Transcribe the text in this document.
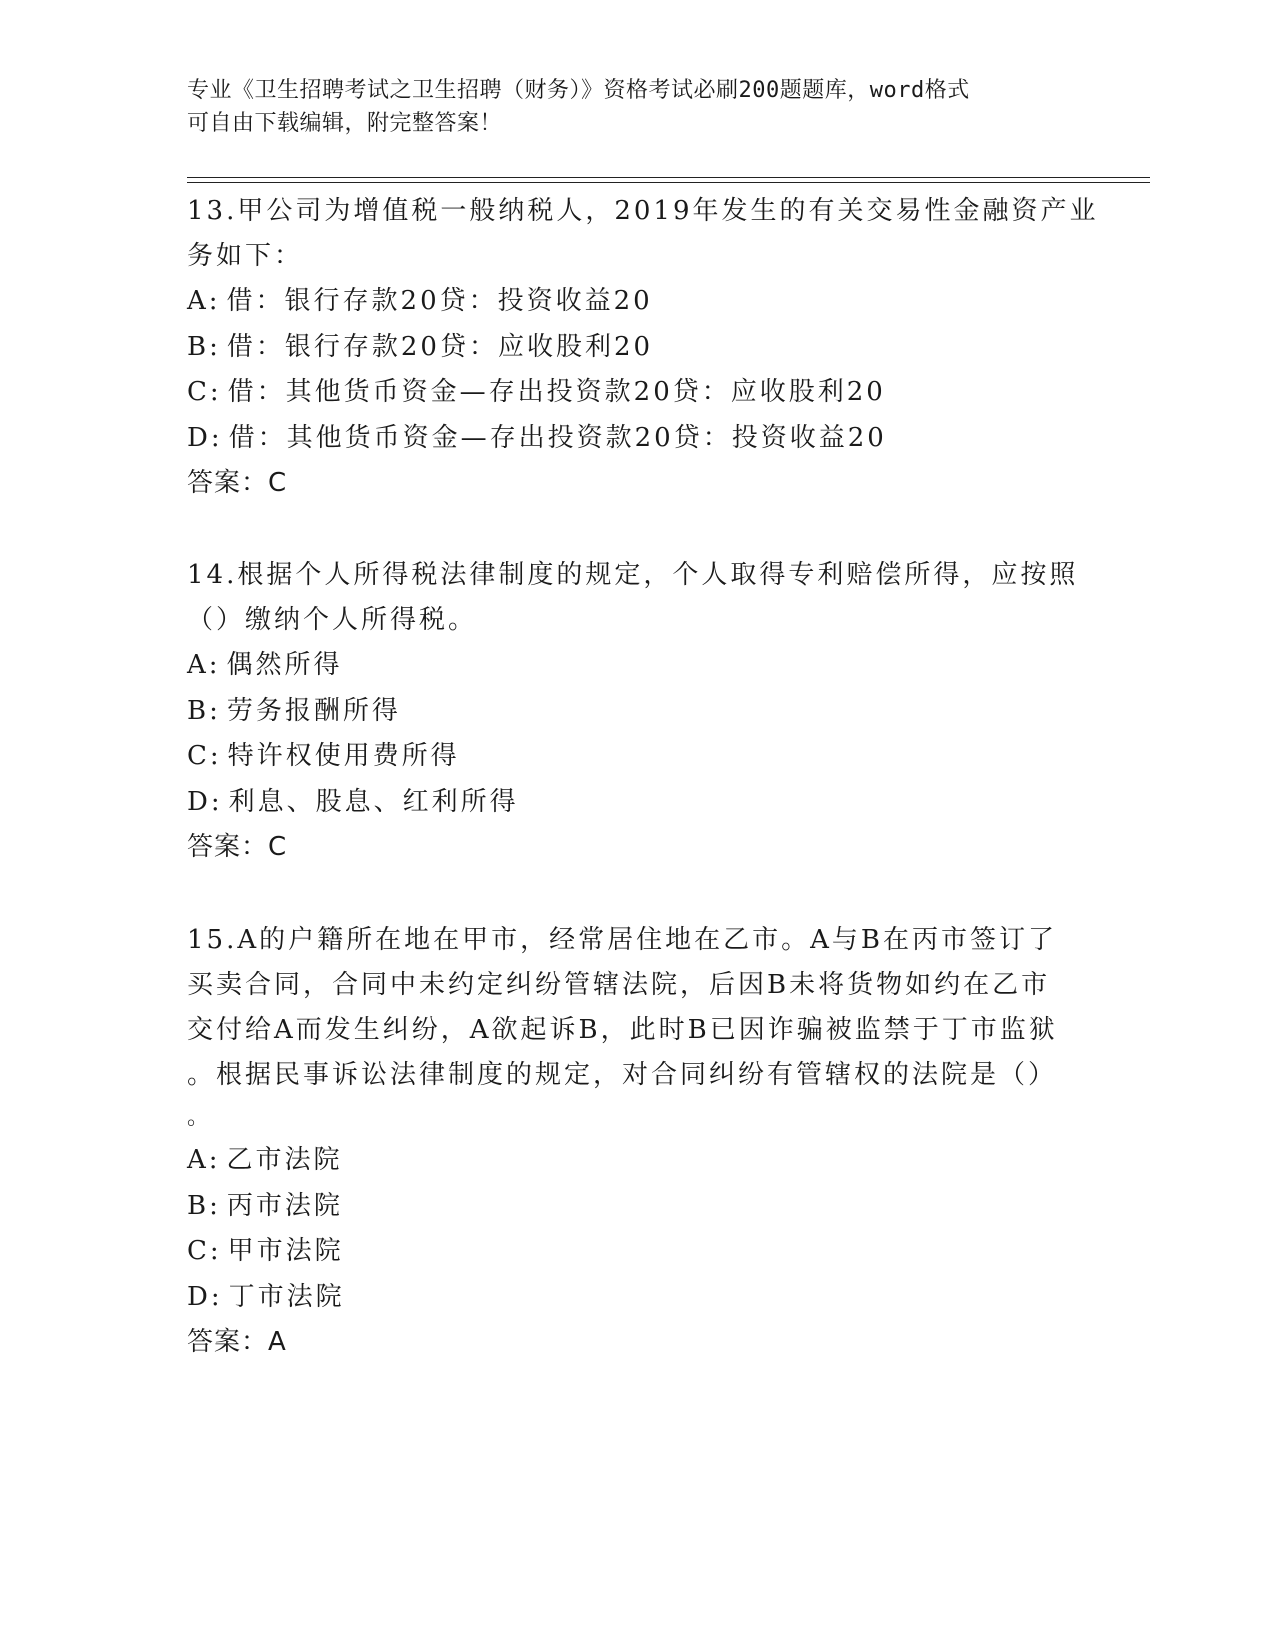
专业《卫生招聘考试之卫生招聘（财务）》资格考试必刷200题题库，word格式
可自由下载编辑，附完整答案！
13.甲公司为增值税一般纳税人，2019年发生的有关交易性金融资产业
务如下：
A: 借：银行存款20贷：投资收益20
B: 借：银行存款20贷：应收股利20
C: 借：其他货币资金—存出投资款20贷：应收股利20
D: 借：其他货币资金—存出投资款20贷：投资收益20
答案：C
14.根据个人所得税法律制度的规定，个人取得专利赔偿所得，应按照
（）缴纳个人所得税。
A: 偶然所得
B: 劳务报酬所得
C: 特许权使用费所得
D: 利息、股息、红利所得
答案：C
15.A的户籍所在地在甲市，经常居住地在乙市。A与B在丙市签订了
买卖合同，合同中未约定纠纷管辖法院，后因B未将货物如约在乙市
交付给A而发生纠纷，A欲起诉B，此时B已因诈骗被监禁于丁市监狱
。根据民事诉讼法律制度的规定，对合同纠纷有管辖权的法院是（）
。
A: 乙市法院
B: 丙市法院
C: 甲市法院
D: 丁市法院
答案：A
